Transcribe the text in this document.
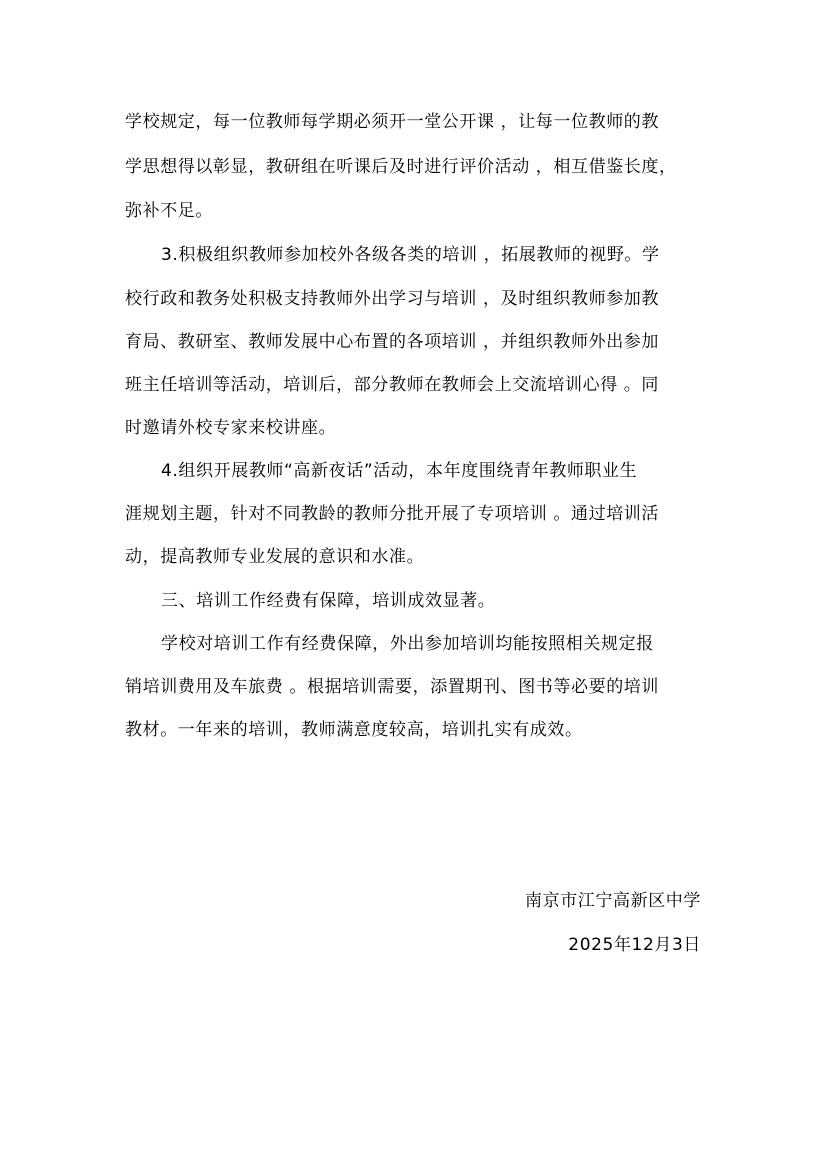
学校规定，每一位教师每学期必须开一堂公开课 ，让每一位教师的教
学思想得以彰显，教研组在听课后及时进行评价活动 ，相互借鉴长度，
弥补不足。
3.积极组织教师参加校外各级各类的培训 ，拓展教师的视野。学
校行政和教务处积极支持教师外出学习与培训 ，及时组织教师参加教
育局、教研室、教师发展中心布置的各项培训 ，并组织教师外出参加
班主任培训等活动，培训后，部分教师在教师会上交流培训心得 。同
时邀请外校专家来校讲座。
4.组织开展教师“高新夜话”活动，本年度围绕青年教师职业生
涯规划主题，针对不同教龄的教师分批开展了专项培训 。通过培训活
动，提高教师专业发展的意识和水准。
三、培训工作经费有保障，培训成效显著。
学校对培训工作有经费保障，外出参加培训均能按照相关规定报
销培训费用及车旅费 。根据培训需要，添置期刊、图书等必要的培训
教材。一年来的培训，教师满意度较高，培训扎实有成效。
南京市江宁高新区中学
2025年12月3日
